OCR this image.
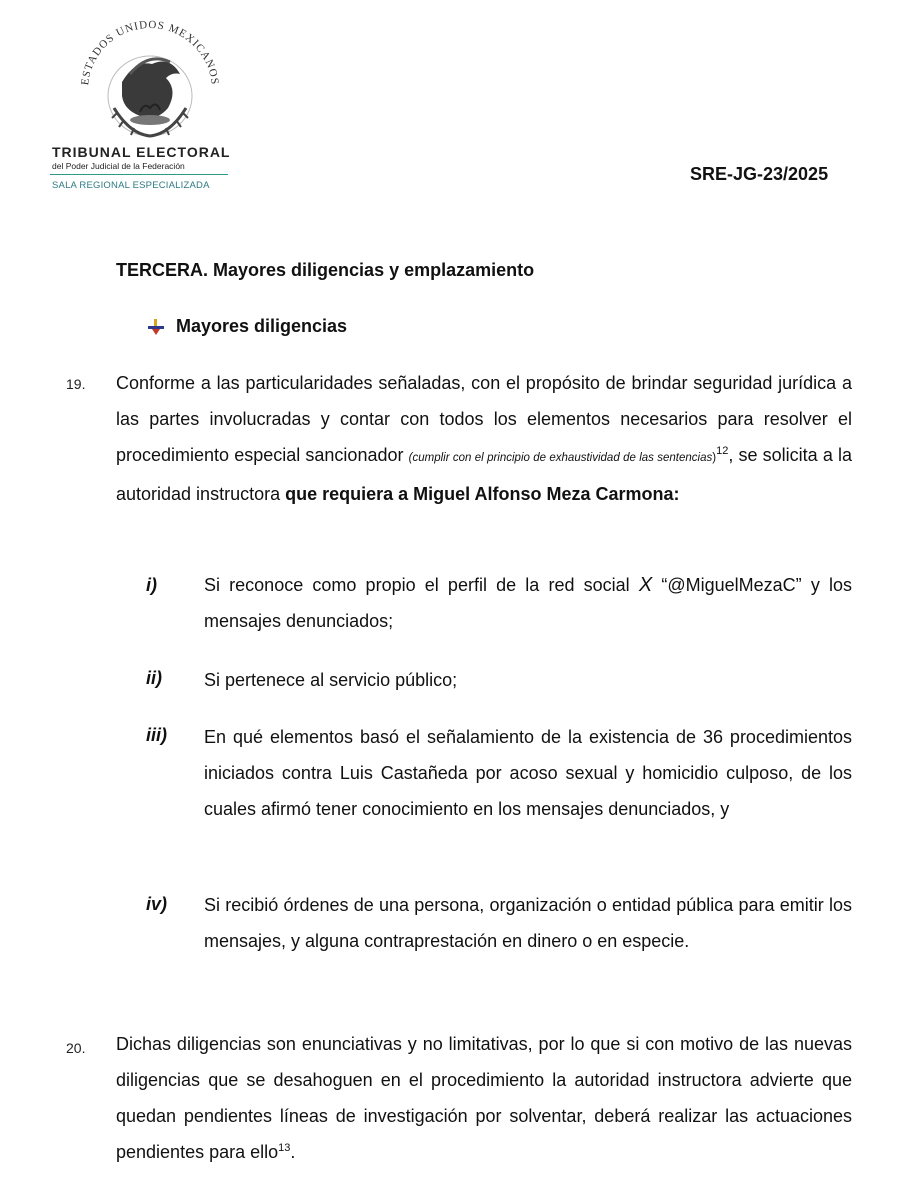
ESTADOS UNIDOS MEXICANOS

TRIBUNAL ELECTORAL

del Poder Judicial de la Federación

SALA REGIONAL ESPECIALIZADA

SRE-JG-23/2025

TERCERA. Mayores diligencias y emplazamiento

Mayores diligencias

19. Conforme a las particularidades señaladas, con el propósito de brindar seguridad jurídica a las partes involucradas y contar con todos los elementos necesarios para resolver el procedimiento especial sancionador (cumplir con el principio de exhaustividad de las sentencias)$^{12}$, se solicita a la autoridad instructora que requiera a Miguel Alfonso Meza Carmona:

i)	Si reconoce como propio el perfil de la red social X “@MiguelMezaC” y los mensajes denunciados;

ii) Si pertenece al servicio público;

iii) En qué elementos basó el señalamiento de la existencia de 36 procedimientos iniciados contra Luis Castañeda por acoso sexual y homicidio culposo, de los cuales afirmó tener conocimiento en los mensajes denunciados, y

iv) Si recibió órdenes de una persona, organización o entidad pública para emitir los mensajes, y alguna contraprestación en dinero o en especie.

20. Dichas diligencias son enunciativas y no limitativas, por lo que si con motivo de las nuevas diligencias que se desahoguen en el procedimiento la autoridad instructora advierte que quedan pendientes líneas de investigación por solventar, deberá realizar las actuaciones pendientes para ello$^{13}$.
